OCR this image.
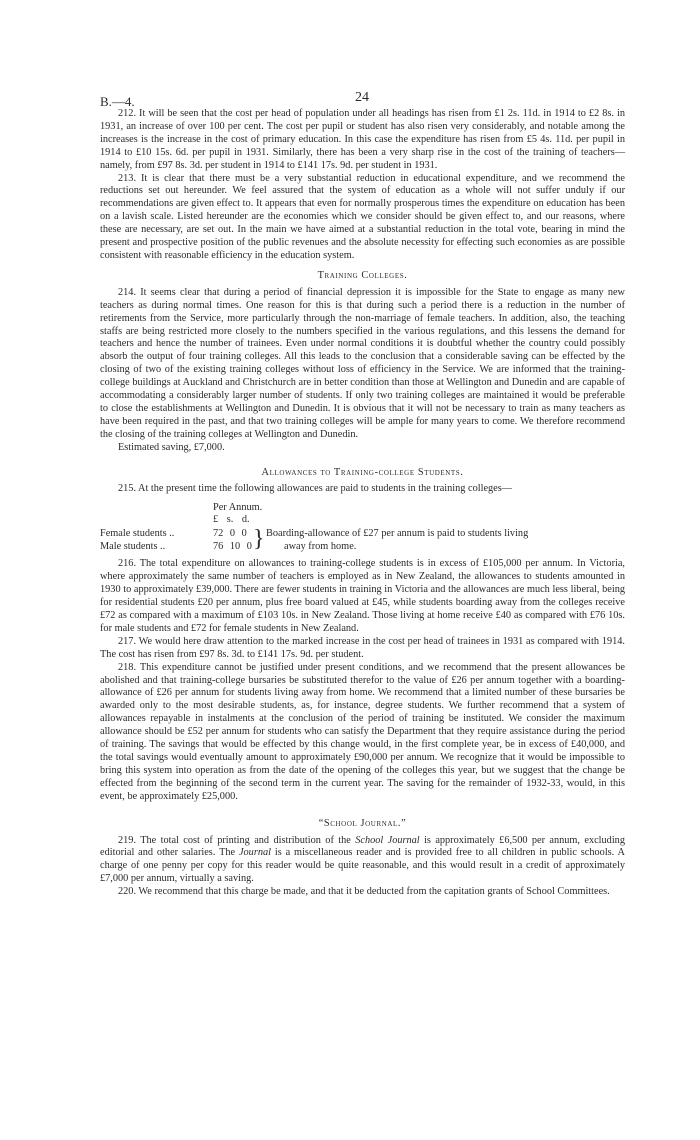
B.—4.	24

212. It will be seen that the cost per head of population under all headings has risen from £1 2s. 11d. in 1914 to £2 8s. in 1931, an increase of over 100 per cent. The cost per pupil or student has also risen very considerably, and notable among the increases is the increase in the cost of primary education. In this case the expenditure has risen from £5 4s. 11d. per pupil in 1914 to £10 15s. 6d. per pupil in 1931. Similarly, there has been a very sharp rise in the cost of the training of teachers—namely, from £97 8s. 3d. per student in 1914 to £141 17s. 9d. per student in 1931.

213. It is clear that there must be a very substantial reduction in educational expenditure, and we recommend the reductions set out hereunder. We feel assured that the system of education as a whole will not suffer unduly if our recommendations are given effect to. It appears that even for normally prosperous times the expenditure on education has been on a lavish scale. Listed hereunder are the economies which we consider should be given effect to, and our reasons, where these are necessary, are set out. In the main we have aimed at a substantial reduction in the total vote, bearing in mind the present and prospective position of the public revenues and the absolute necessity for effecting such economies as are possible consistent with reasonable efficiency in the education system.

Training Colleges.

214. It seems clear that during a period of financial depression it is impossible for the State to engage as many new teachers as during normal times. One reason for this is that during such a period there is a reduction in the number of retirements from the Service, more particularly through the non-marriage of female teachers. In addition, also, the teaching staffs are being restricted more closely to the numbers specified in the various regulations, and this lessens the demand for teachers and hence the number of trainees. Even under normal conditions it is doubtful whether the country could possibly absorb the output of four training colleges. All this leads to the conclusion that a considerable saving can be effected by the closing of two of the existing training colleges without loss of efficiency in the Service. We are informed that the training-college buildings at Auckland and Christchurch are in better condition than those at Wellington and Dunedin and are capable of accommodating a considerably larger number of students. If only two training colleges are maintained it would be preferable to close the establishments at Wellington and Dunedin. It is obvious that it will not be necessary to train as many teachers as have been required in the past, and that two training colleges will be ample for many years to come. We therefore recommend the closing of the training colleges at Wellington and Dunedin.

Estimated saving, £7,000.

Allowances to Training-college Students.

215. At the present time the following allowances are paid to students in the training colleges—

Per Annum.
£ s. d.
Female students ..	72 0 0
Male students ..	76 10 0 } Boarding-allowance of £27 per annum is paid to students living
away from home.

216. The total expenditure on allowances to training-college students is in excess of £105,000 per annum. In Victoria, where approximately the same number of teachers is employed as in New Zealand, the allowances to students amounted in 1930 to approximately £39,000. There are fewer students in training in Victoria and the allowances are much less liberal, being for residential students £20 per annum, plus free board valued at £45, while students boarding away from the colleges receive £72 as compared with a maximum of £103 10s. in New Zealand. Those living at home receive £40 as compared with £76 10s. for male students and £72 for female students in New Zealand.

217. We would here draw attention to the marked increase in the cost per head of trainees in 1931 as compared with 1914. The cost has risen from £97 8s. 3d. to £141 17s. 9d. per student.

218. This expenditure cannot be justified under present conditions, and we recommend that the present allowances be abolished and that training-college bursaries be substituted therefor to the value of £26 per annum together with a boarding-allowance of £26 per annum for students living away from home. We recommend that a limited number of these bursaries be awarded only to the most desirable students, as, for instance, degree students. We further recommend that a system of allowances repayable in instalments at the conclusion of the period of training be instituted. We consider the maximum allowance should be £52 per annum for students who can satisfy the Department that they require assistance during the period of training. The savings that would be effected by this change would, in the first complete year, be in excess of £40,000, and the total savings would eventually amount to approximately £90,000 per annum. We recognize that it would be impossible to bring this system into operation as from the date of the opening of the colleges this year, but we suggest that the change be effected from the beginning of the second term in the current year. The saving for the remainder of 1932-33, would, in this event, be approximately £25,000.

“School Journal.”

219. The total cost of printing and distribution of the School Journal is approximately £6,500 per annum, excluding editorial and other salaries. The Journal is a miscellaneous reader and is provided free to all children in public schools. A charge of one penny per copy for this reader would be quite reasonable, and this would result in a credit of approximately £7,000 per annum, virtually a saving.

220. We recommend that this charge be made, and that it be deducted from the capitation grants of School Committees.
